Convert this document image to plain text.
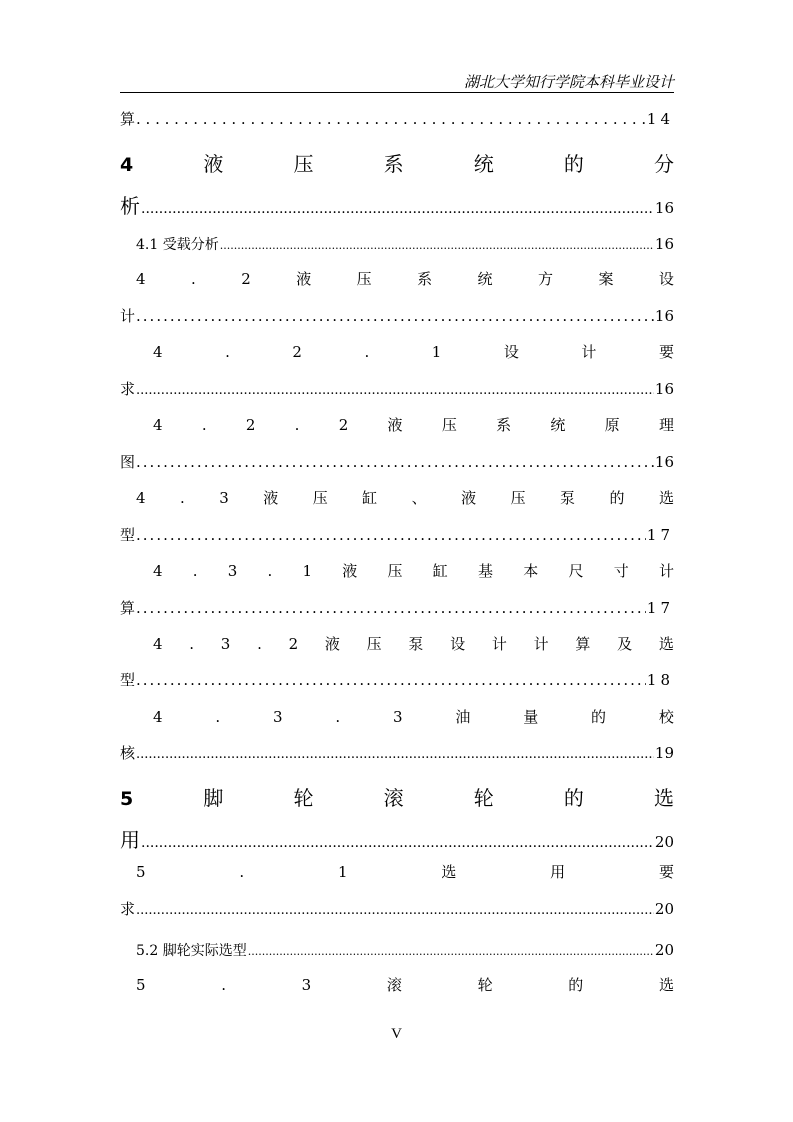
湖北大学知行学院本科毕业设计
算 . . .	14
4	液	压	系	统	的	分
析 .....	16
4.1 受载分析 .....	16
4	.	2	液	压	系	统	方	案	设
计 .....	16
4	.	2	.	1	设	计	要
求 .....	16
4	.	2	.	2	液	压	系	统	原	理
图 .....	16
4 . 3 液 压 缸 、 液 压 泵 的 选
型 .....	17
4 . 3 . 1 液 压 缸 基 本 尺 寸 计
算 .....	17
4 . 3 . 2 液 压 泵 设 计 计 算 及 选
型 .....	18
4	.	3	.	3	油	量	的	校
核 .....	19
5	脚	轮	滚	轮	的	选
用 .....	20
5	.	1	选	用	要
求 .....	20
5.2 脚轮实际选型 .....	20
5	.	3	滚	轮	的	选
V
